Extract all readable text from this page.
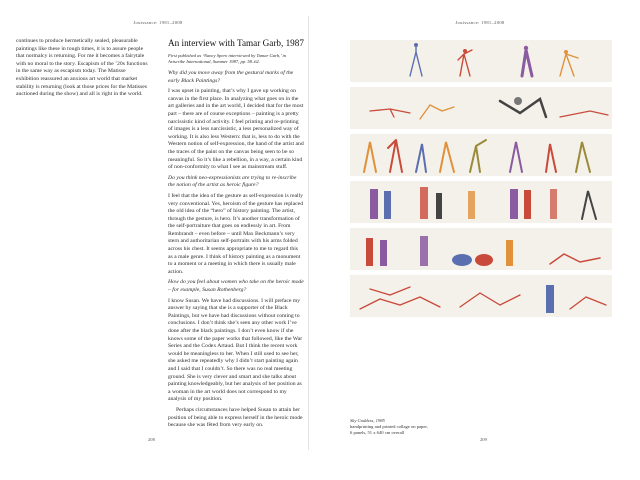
Jouissance: 1981–2008

continues to produce hermetically sealed, pleasurable paintings like these in tough times, it is to assure people that normalcy is returning. For me it becomes a fairytale with no moral to the story. Escapism of the ’20s functions in the same way as escapism today. The Matisse exhibition reassured an anxious art world that market stability is returning (look at those prices for the Matisses auctioned during the show) and all is right in the world.

An interview with Tamar Garb, 1987

First published as ‘Nancy Spero interviewed by Tamar Garb,’ in Artscribe International, Summer 1987, pp. 58–62.

Why did you move away from the gestural marks of the early Black Paintings?

I was upset in painting, that’s why I gave up working on canvas in the first place. In analyzing what goes on in the art galleries and in the art world, I decided that for the most part – there are of course exceptions – painting is a pretty narcissistic kind of activity. I feel printing and re-printing of images is a less narcissistic, a less personalized way of working. It is also less Western: that is, less to do with the Western notion of self-expression, the hand of the artist and the traces of the paint on the canvas being seen to be so meaningful. So it’s like a rebellion, in a way, a certain kind of non-conformity to what I see as mainstream stuff.

Do you think neo-expressionists are trying to re-inscribe the notion of the artist as heroic figure?

I feel that the idea of the gesture as self-expression is really very conventional. Yes, heroism of the gesture has replaced the old idea of the “hero” of history painting. The artist, through the gesture, is hero. It’s another transformation of the self-portraiture that goes on endlessly in art. From Rembrandt – even before – until Max Beckmann’s very stern and authoritarian self-portraits with his arms folded across his chest. It seems appropriate to me to regard this as a male genre. I think of history painting as a monument to a moment or a meeting in which there is usually male action.

How do you feel about women who take on the heroic mode – for example, Susan Rothenberg?

I know Susan. We have had discussions. I will preface my answer by saying that she is a supporter of the Black Paintings, but we have had discussions without coming to conclusions. I don’t think she’s seen any other work I’ve done after the black paintings. I don’t even know if she knows some of the paper works that followed, like the War Series and the Codex Artaud. But I think the recent work would be meaningless to her. When I still used to see her, she asked me repeatedly why I didn’t start painting again and I said that I couldn’t. So there was no real meeting ground. She is very clever and smart and she talks about painting knowledgeably, but her analysis of her position as a woman in the art world does not correspond to my analysis of my position.

Perhaps circumstances have helped Susan to attain her position of being able to express herself in the heroic mode because she was fêted from very early on.

208
Jouissance: 1981–2008
Sky Goddess, 1985
handprinting and printed collage on paper,
6 panels, 51 x 640 cm overall
209
